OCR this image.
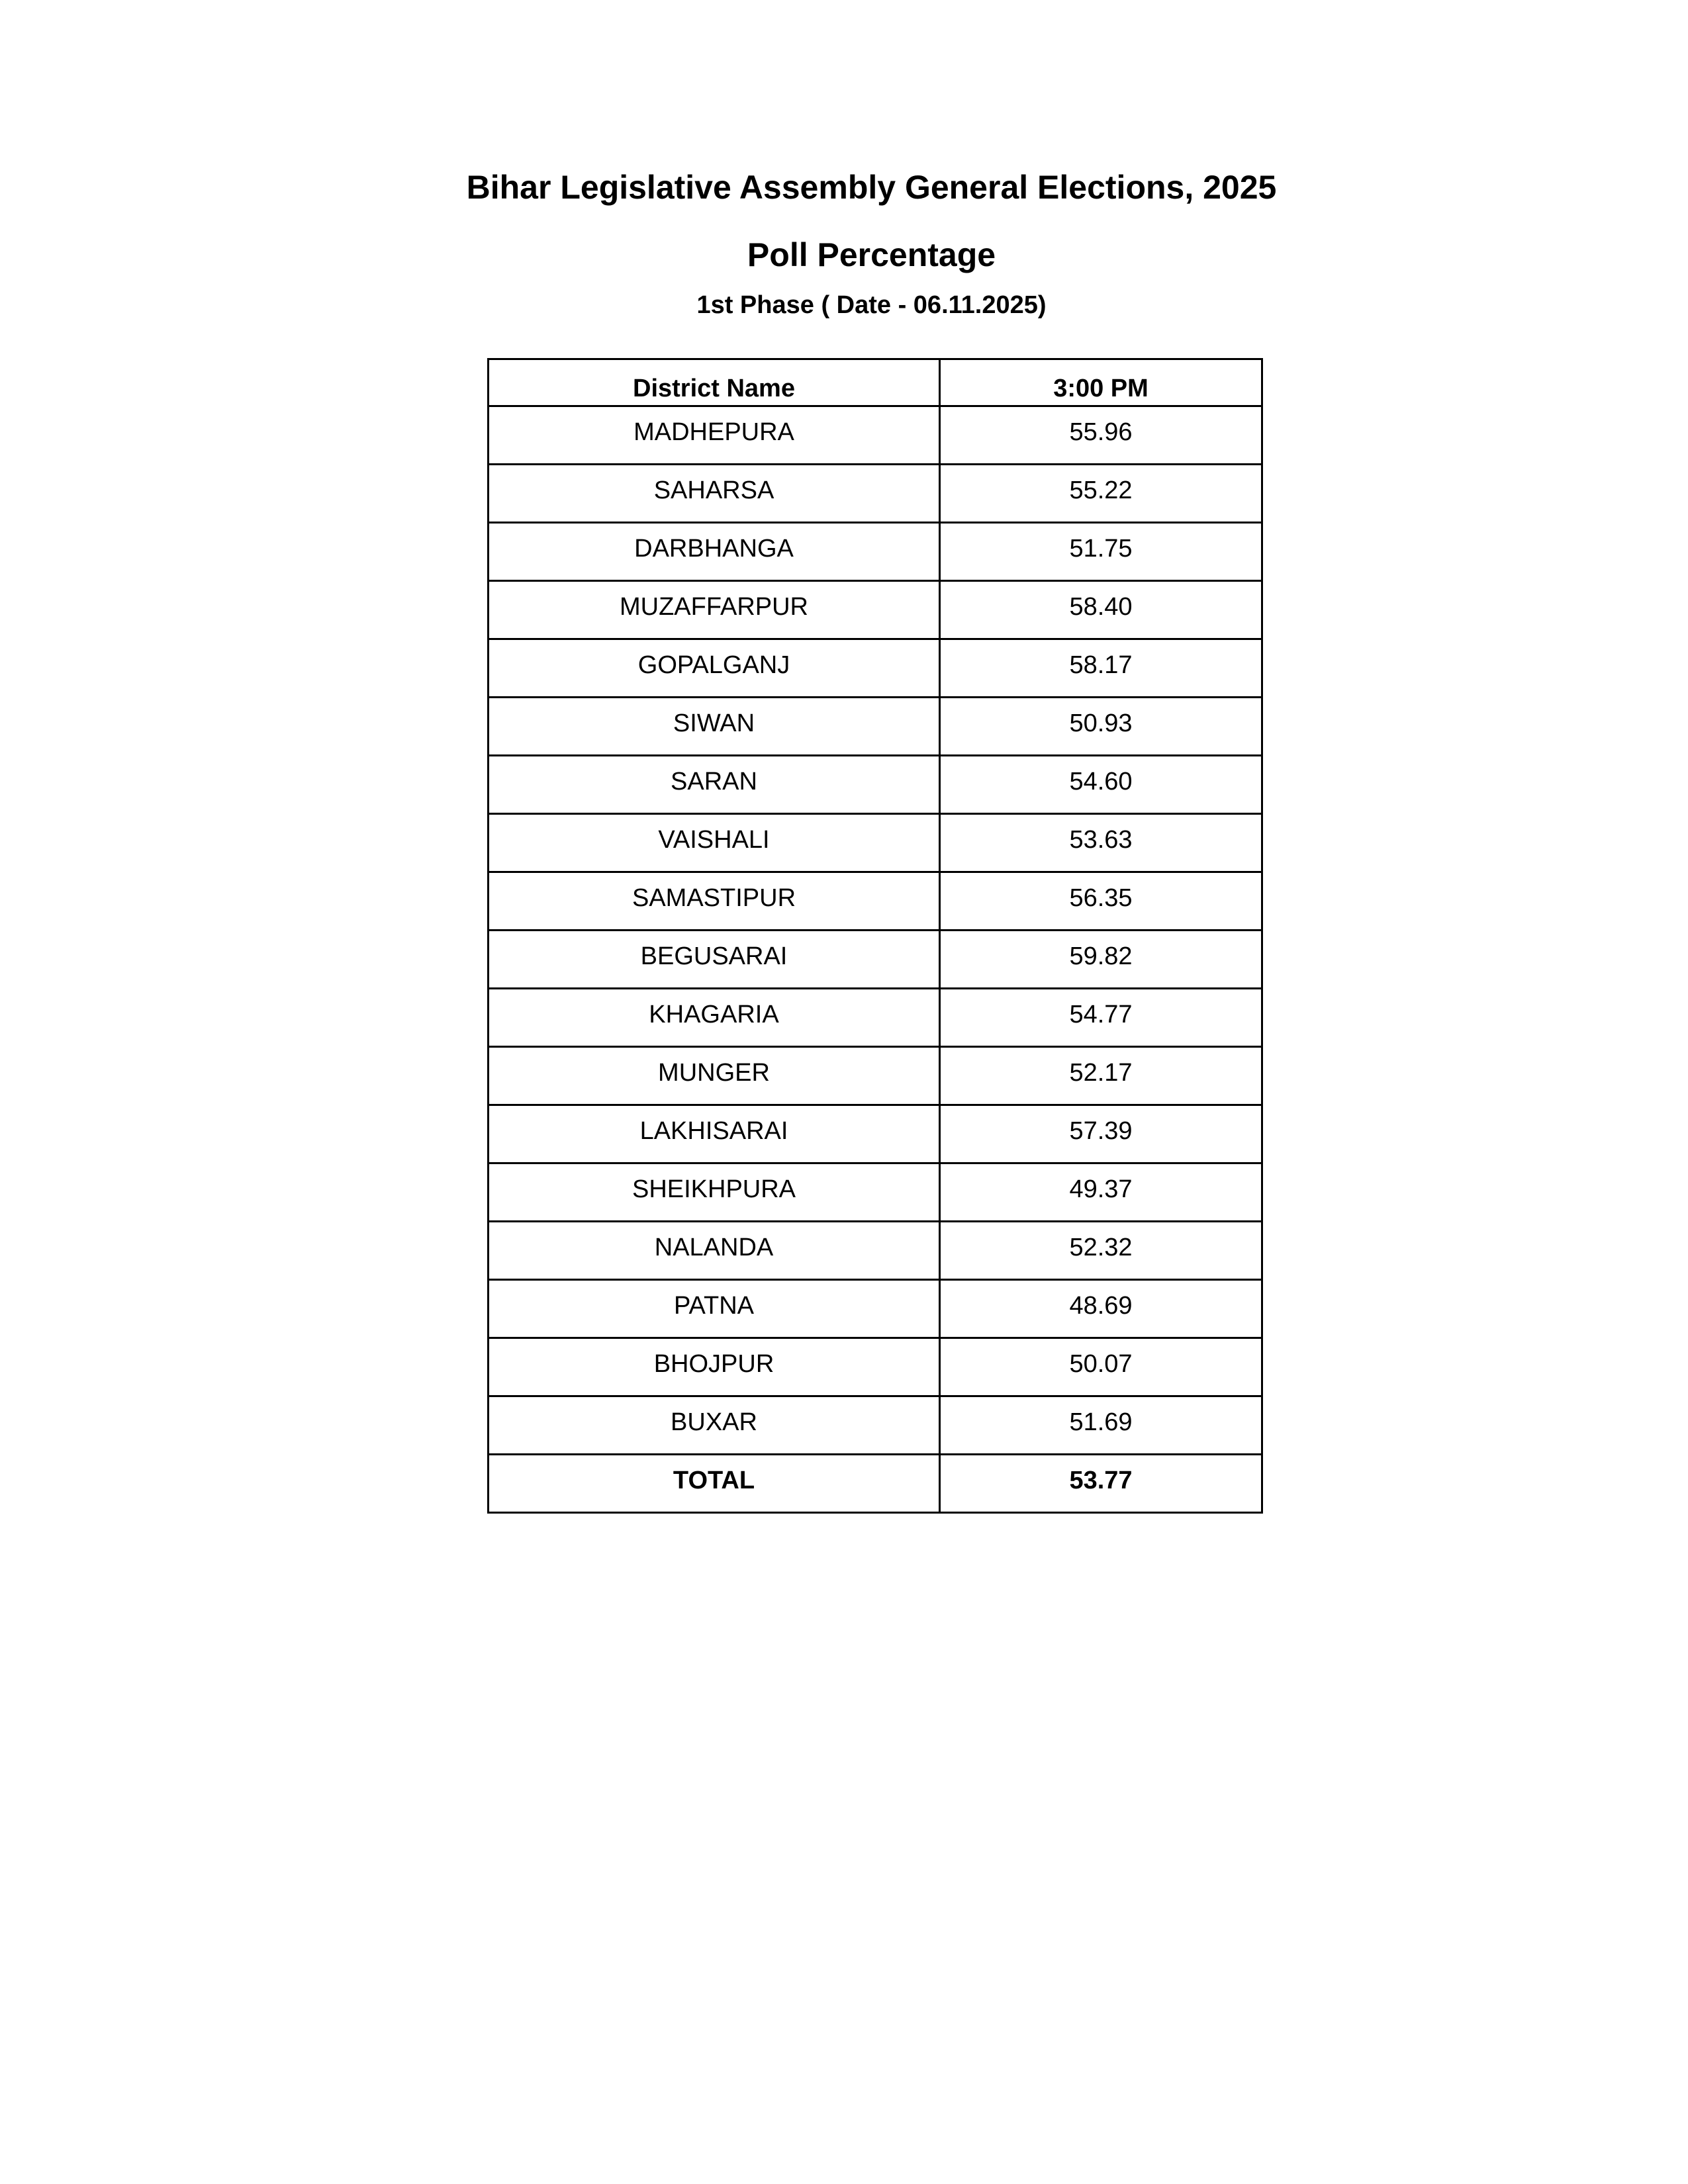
Bihar Legislative Assembly General Elections, 2025
Poll Percentage
1st Phase ( Date - 06.11.2025)
District Name	3:00 PM
MADHEPURA	55.96
SAHARSA	55.22
DARBHANGA	51.75
MUZAFFARPUR	58.40
GOPALGANJ	58.17
SIWAN	50.93
SARAN	54.60
VAISHALI	53.63
SAMASTIPUR	56.35
BEGUSARAI	59.82
KHAGARIA	54.77
MUNGER	52.17
LAKHISARAI	57.39
SHEIKHPURA	49.37
NALANDA	52.32
PATNA	48.69
BHOJPUR	50.07
BUXAR	51.69
TOTAL	53.77
